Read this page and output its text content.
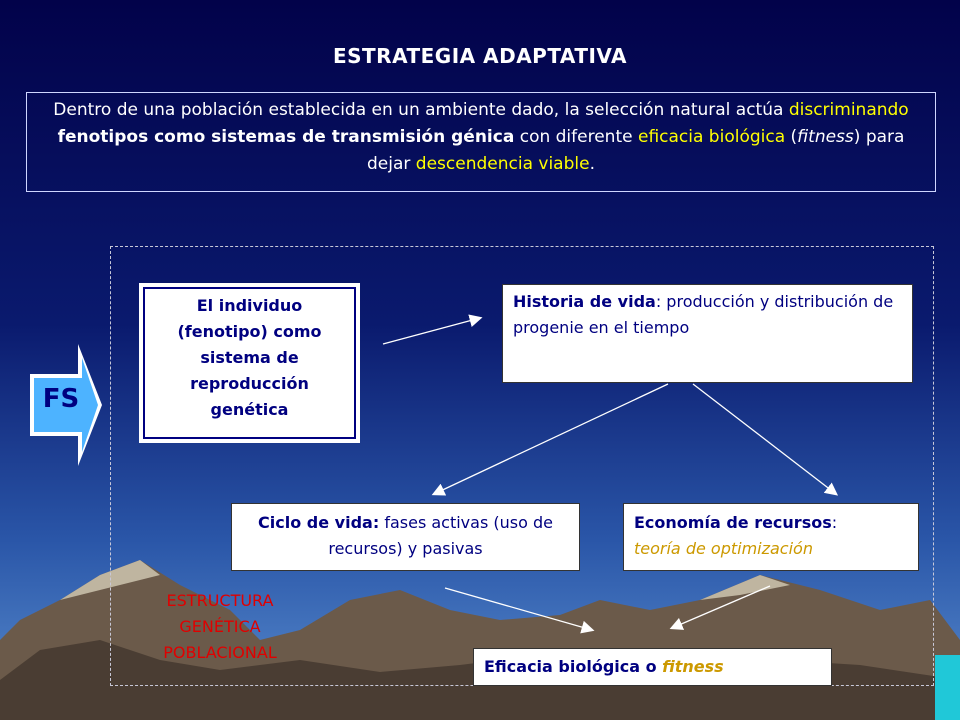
ESTRATEGIA ADAPTATIVA
Dentro de una población establecida en un ambiente dado, la selección natural actúa discriminando fenotipos como sistemas de transmisión génica con diferente eficacia biológica (fitness) para dejar descendencia viable.
FS
El individuo
(fenotipo) como
sistema de
reproducción
genética
Historia de vida: producción y distribución de progenie en el tiempo
Ciclo de vida: fases activas (uso de recursos) y pasivas
Economía de recursos:
teoría de optimización
ESTRUCTURA
GENÉTICA
POBLACIONAL
Eficacia biológica o fitness
